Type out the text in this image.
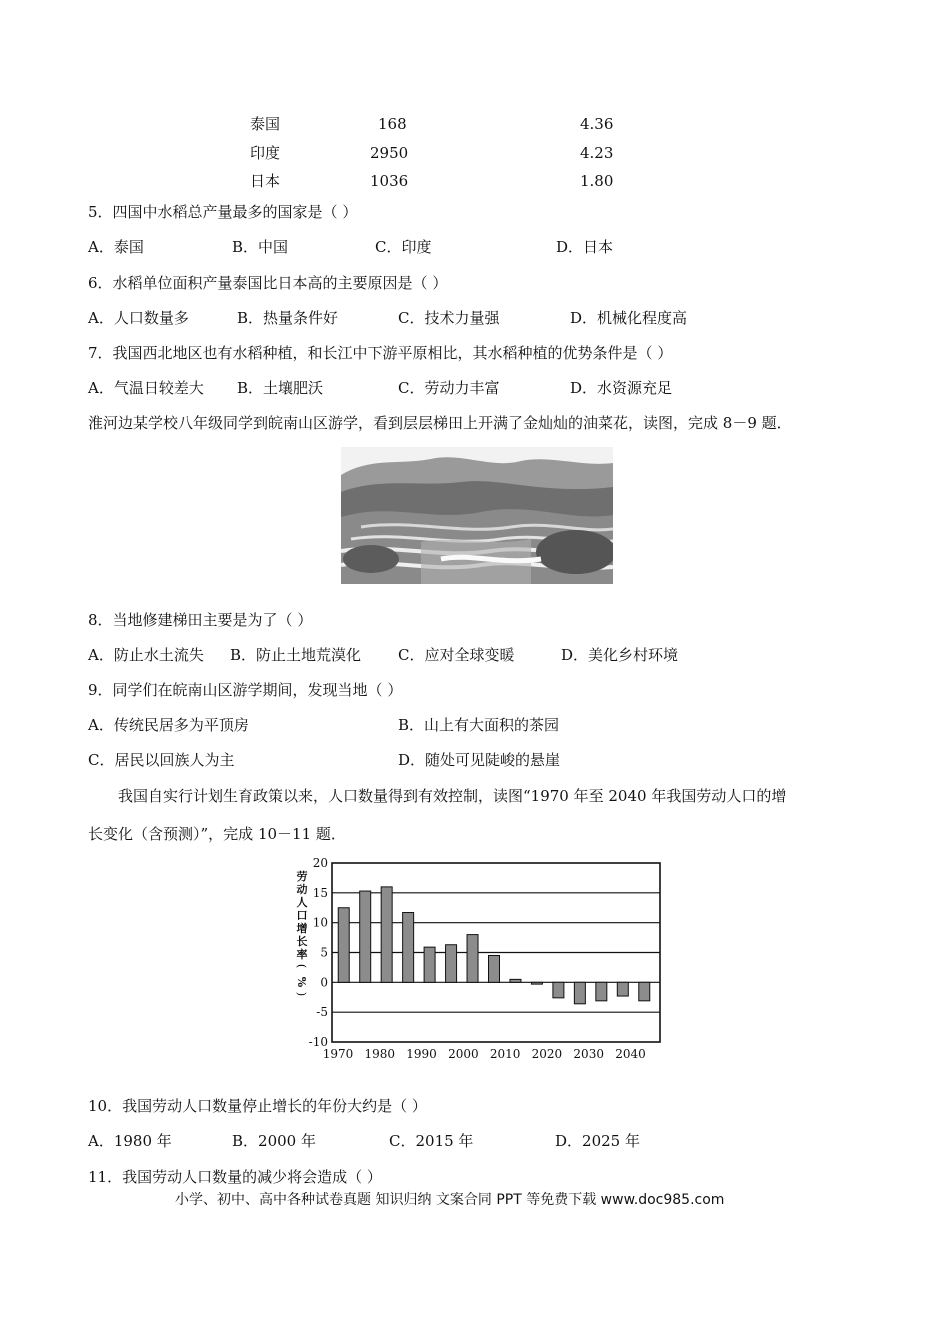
泰国	168	4.36
印度	2950	4.23
日本	1036	1.80
5．四国中水稻总产量最多的国家是（ ）
A．泰国	B．中国	C．印度	D．日本
6．水稻单位面积产量泰国比日本高的主要原因是（ ）
A．人口数量多	B．热量条件好	C．技术力量强	D．机械化程度高
7．我国西北地区也有水稻种植，和长江中下游平原相比，其水稻种植的优势条件是（ ）
A．气温日较差大 B．土壤肥沃	C．劳动力丰富	D．水资源充足
淮河边某学校八年级同学到皖南山区游学，看到层层梯田上开满了金灿灿的油菜花，读图，完成 8－9 题．
8．当地修建梯田主要是为了（ ）
A．防止水土流失 B．防止土地荒漠化 C．应对全球变暖	D．美化乡村环境
9．同学们在皖南山区游学期间，发现当地（ ）
A．传统民居多为平顶房	B．山上有大面积的茶园
C．居民以回族人为主	D．随处可见陡峻的悬崖
我国自实行计划生育政策以来，人口数量得到有效控制，读图“1970 年至 2040 年我国劳动人口的增
长变化（含预测）”，完成 10－11 题．
劳
动
人
口
增
长
率
%
(
)
20
15
10
5
0
-5
-10
1970 1980 1990 2000 2010 2020 2030 2040
10．我国劳动人口数量停止增长的年份大约是（ ）
A．1980 年	B．2000 年	C．2015 年	D．2025 年
11．我国劳动人口数量的减少将会造成（ ）
小学、初中、高中各种试卷真题 知识归纳 文案合同 PPT 等免费下载 www.doc985.com
